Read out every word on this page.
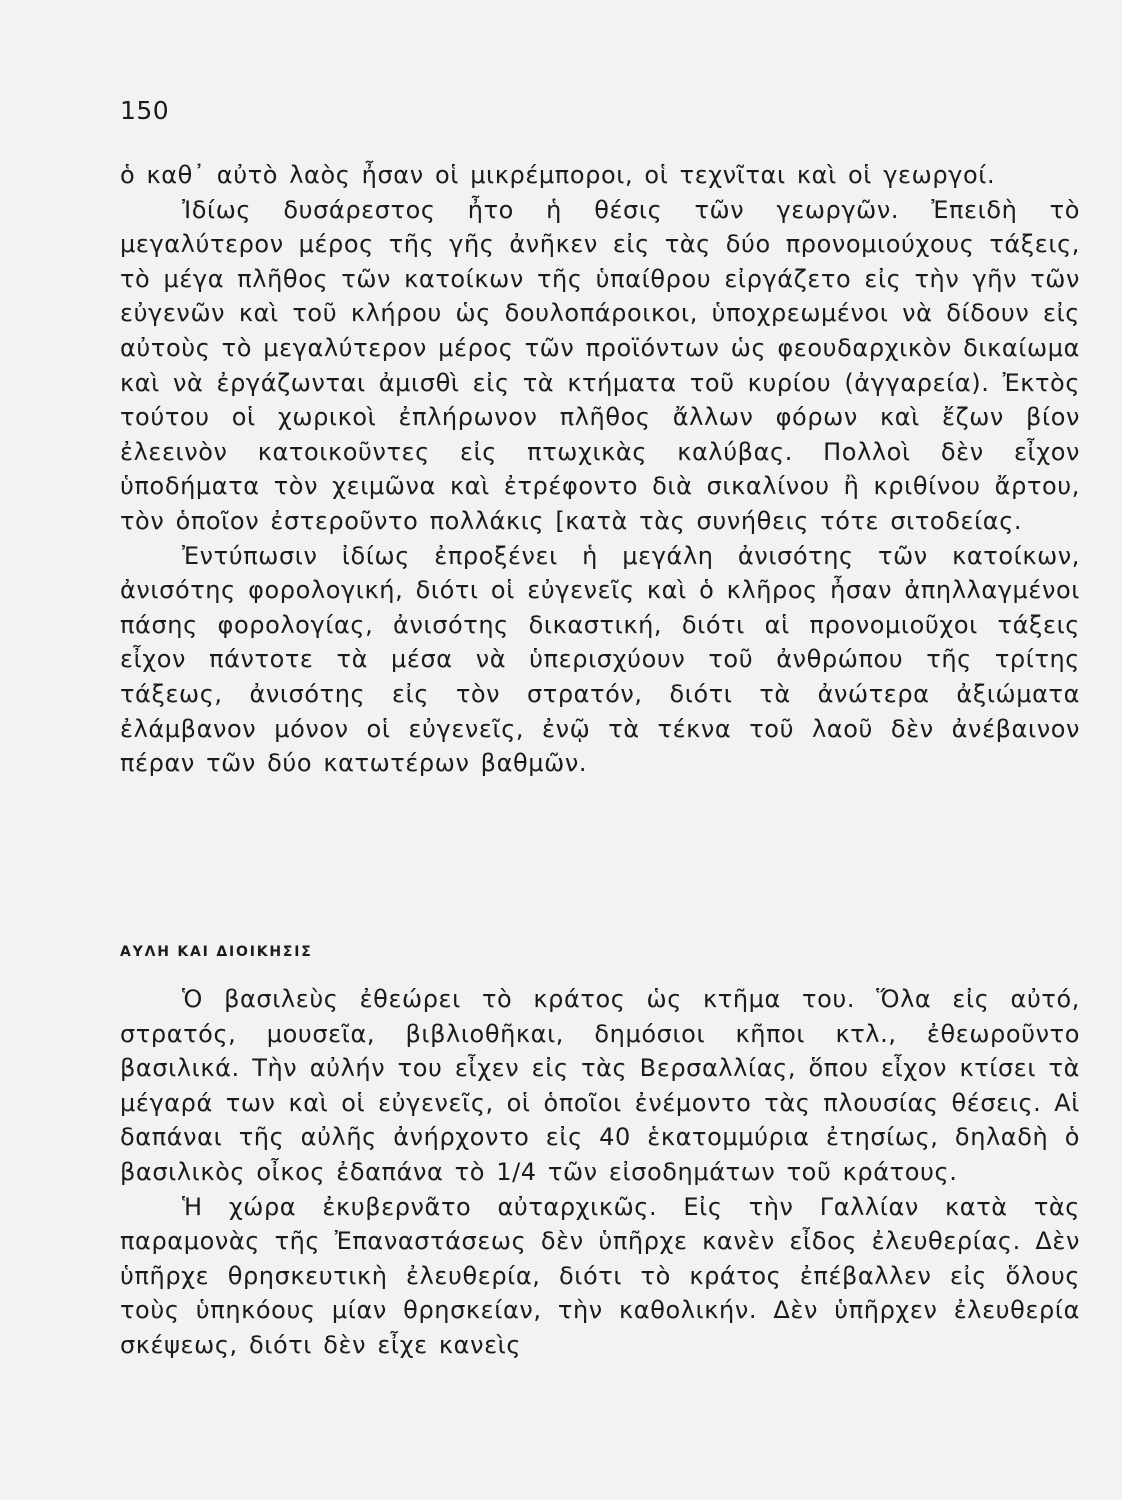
150

ὁ καθ᾿ αὐτὸ λαὸς ἦσαν οἱ μικρέμποροι, οἱ τεχνῖται καὶ οἱ γεωργοί.

Ἰδίως δυσάρεστος ἦτο ἡ θέσις τῶν γεωργῶν. Ἐπειδὴ τὸ μεγαλύτερον μέρος τῆς γῆς ἀνῆκεν εἰς τὰς δύο προνομιούχους τάξεις, τὸ μέγα πλῆθος τῶν κατοίκων τῆς ὑπαίθρου εἰργάζετο εἰς τὴν γῆν τῶν εὐγενῶν καὶ τοῦ κλήρου ὡς δουλοπάροικοι, ὑποχρεωμένοι νὰ δίδουν εἰς αὐτοὺς τὸ μεγαλύτερον μέρος τῶν προϊόντων ὡς φεουδαρχικὸν δικαίωμα καὶ νὰ ἐργάζωνται ἀμισθὶ εἰς τὰ κτήματα τοῦ κυρίου (ἀγγαρεία). Ἐκτὸς τούτου οἱ χωρικοὶ ἐπλήρωνον πλῆθος ἄλλων φόρων καὶ ἔζων βίον ἐλεεινὸν κατοικοῦντες εἰς πτωχικὰς καλύβας. Πολλοὶ δὲν εἶχον ὑποδήματα τὸν χειμῶνα καὶ ἐτρέφοντο διὰ σικαλίνου ἢ κριθίνου ἄρτου, τὸν ὁποῖον ἐστεροῦντο πολλάκις [κατὰ τὰς συνήθεις τότε σιτοδείας.

Ἐντύπωσιν ἰδίως ἐπροξένει ἡ μεγάλη ἀνισότης τῶν κατοίκων, ἀνισότης φορολογική, διότι οἱ εὐγενεῖς καὶ ὁ κλῆρος ἦσαν ἀπηλλαγμένοι πάσης φορολογίας, ἀνισότης δικαστική, διότι αἱ προνομιοῦχοι τάξεις εἶχον πάντοτε τὰ μέσα νὰ ὑπερισχύουν τοῦ ἀνθρώπου τῆς τρίτης τάξεως, ἀνισότης εἰς τὸν στρατόν, διότι τὰ ἀνώτερα ἀξιώματα ἐλάμβανον μόνον οἱ εὐγενεῖς, ἐνῷ τὰ τέκνα τοῦ λαοῦ δὲν ἀνέβαινον πέραν τῶν δύο κατωτέρων βαθμῶν.

ΑΥΛΗ ΚΑΙ ΔΙΟΙΚΗΣΙΣ

Ὁ βασιλεὺς ἐθεώρει τὸ κράτος ὡς κτῆμα του. Ὅλα εἰς αὐτό, στρατός, μουσεῖα, βιβλιοθῆκαι, δημόσιοι κῆποι κτλ., ἐθεωροῦντο βασιλικά. Τὴν αὐλήν του εἶχεν εἰς τὰς Βερσαλλίας, ὅπου εἶχον κτίσει τὰ μέγαρά των καὶ οἱ εὐγενεῖς, οἱ ὁποῖοι ἐνέμοντο τὰς πλουσίας θέσεις. Αἱ δαπάναι τῆς αὐλῆς ἀνήρχοντο εἰς 40 ἑκατομμύρια ἐτησίως, δηλαδὴ ὁ βασιλικὸς οἶκος ἐδαπάνα τὸ 1/4 τῶν εἰσοδημάτων τοῦ κράτους.

Ἡ χώρα ἐκυβερνᾶτο αὐταρχικῶς. Εἰς τὴν Γαλλίαν κατὰ τὰς παραμονὰς τῆς Ἐπαναστάσεως δὲν ὑπῆρχε κανὲν εἶδος ἐλευθερίας. Δὲν ὑπῆρχε θρησκευτικὴ ἐλευθερία, διότι τὸ κράτος ἐπέβαλλεν εἰς ὅλους τοὺς ὑπηκόους μίαν θρησκείαν, τὴν καθολικήν. Δὲν ὑπῆρχεν ἐλευθερία σκέψεως, διότι δὲν εἶχε κανεὶς
